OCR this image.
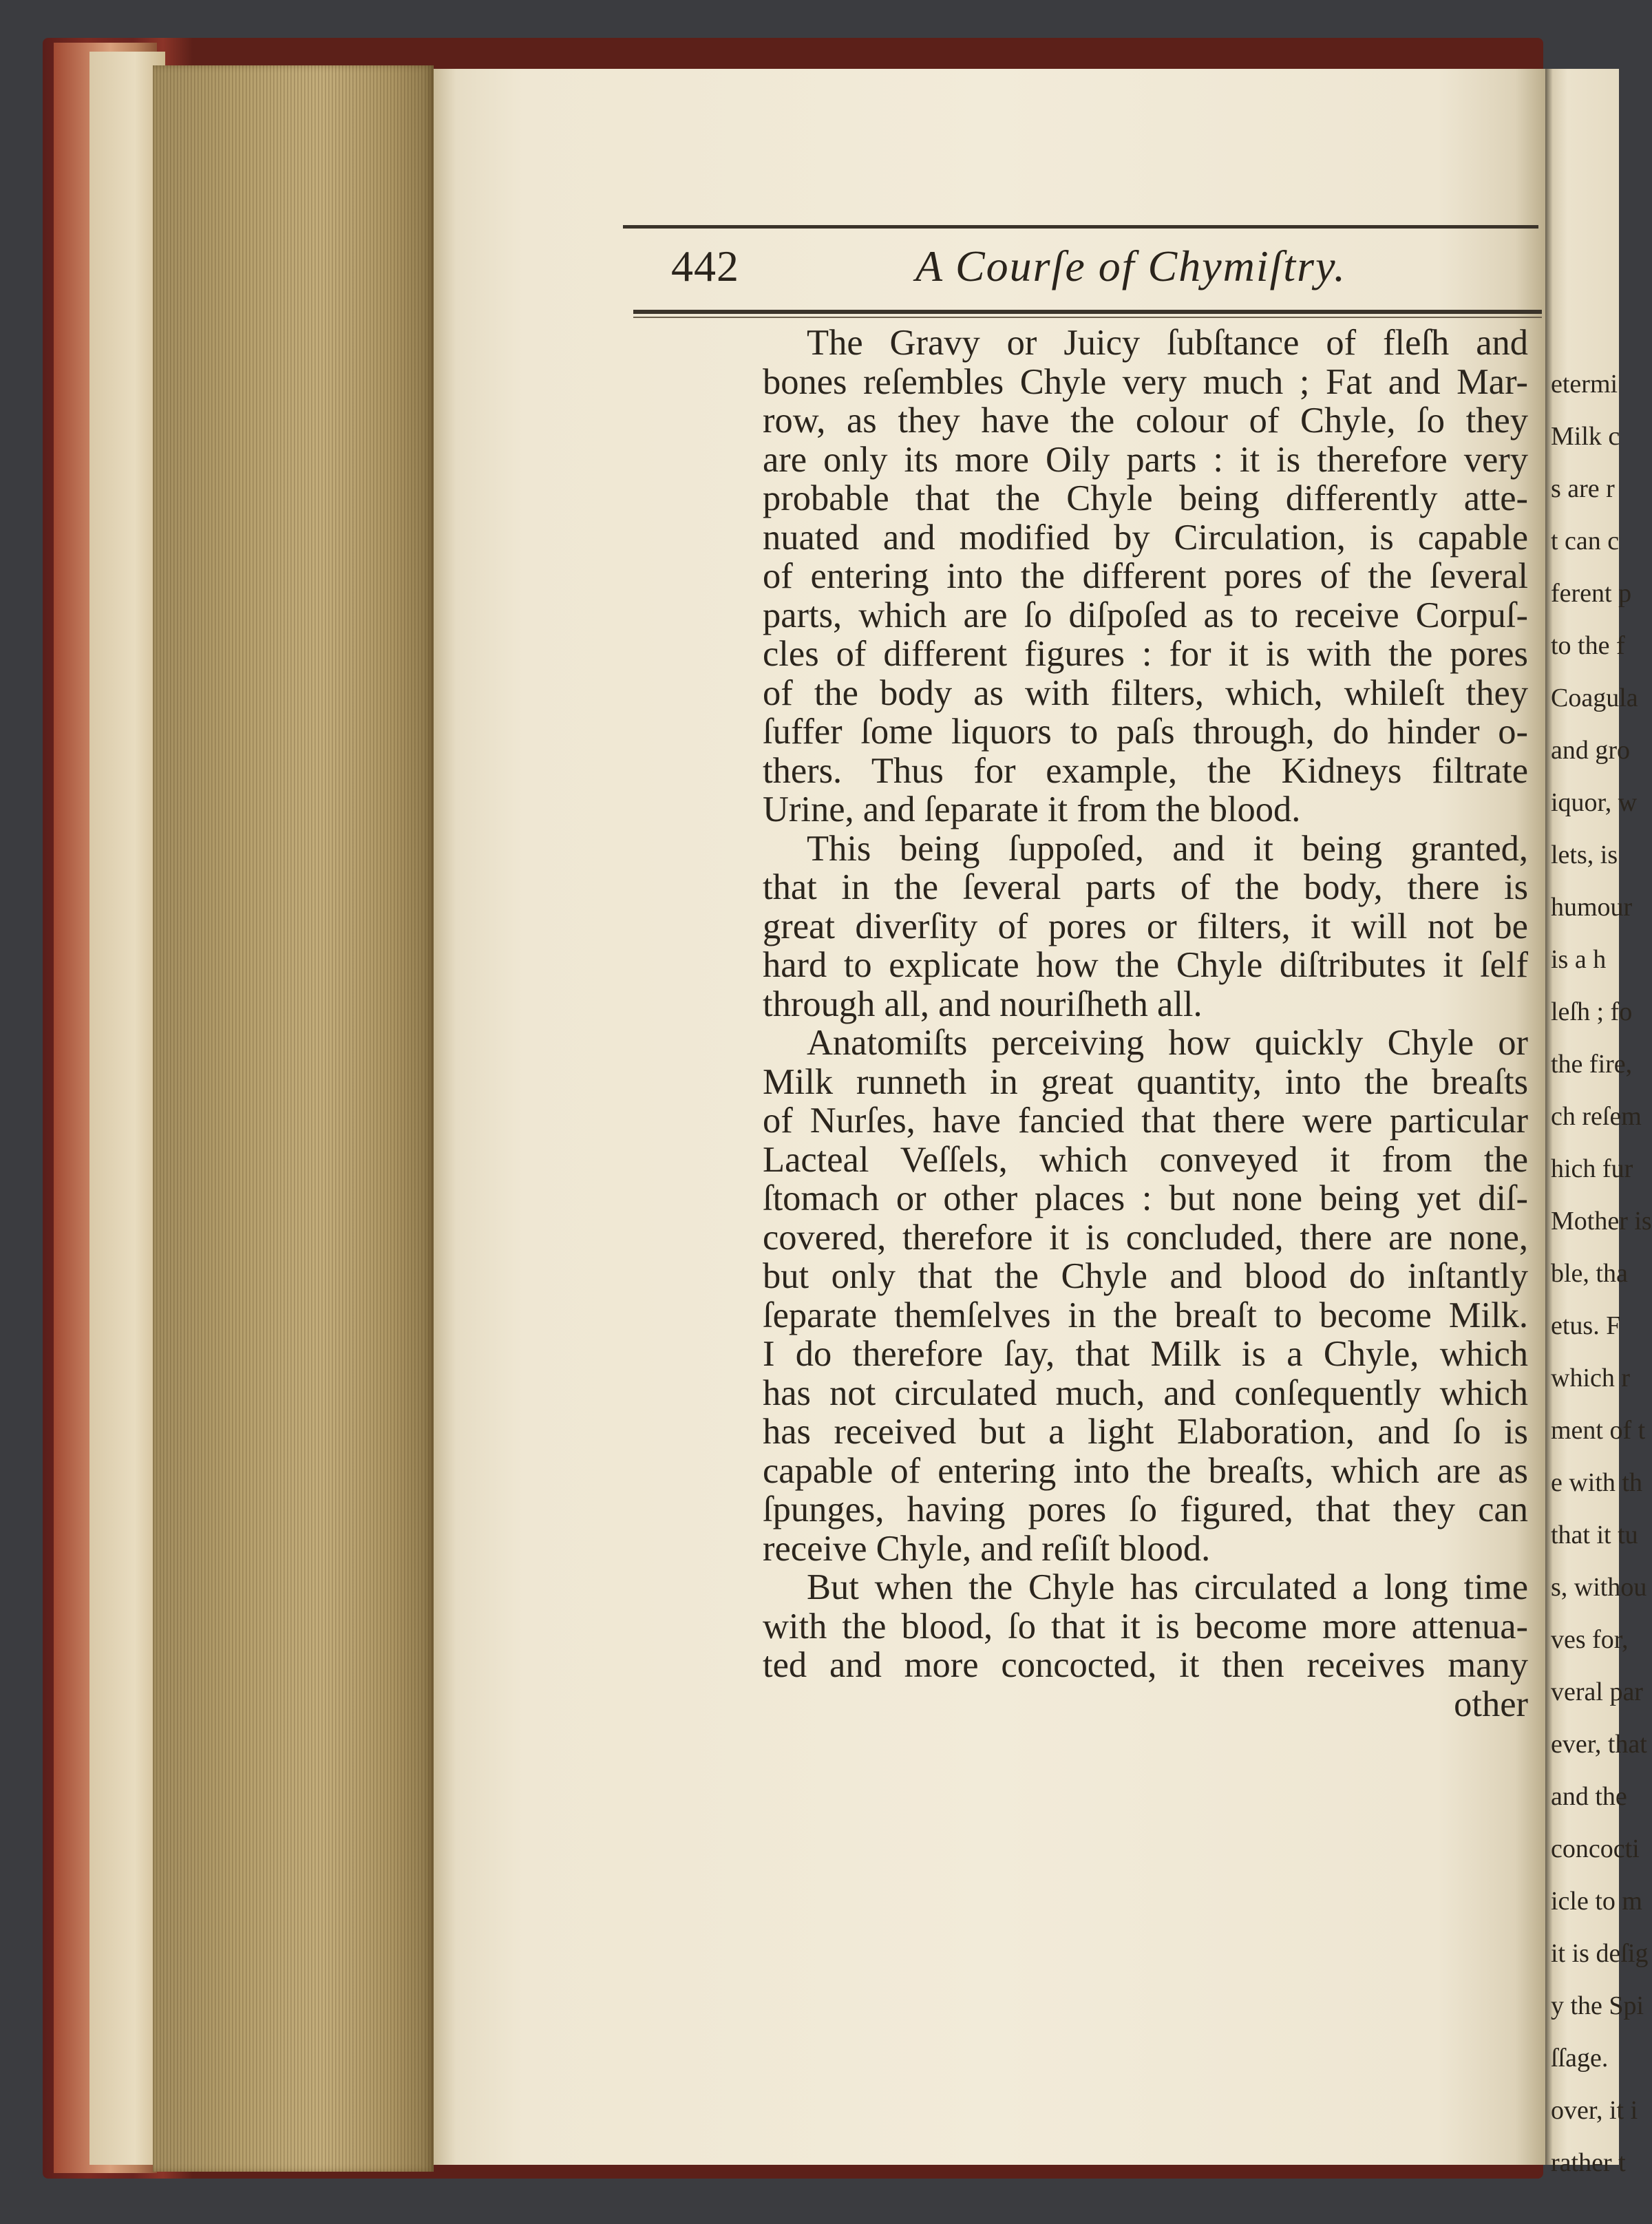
etermi
Milk c
s are r
t can c
ferent p
to the f
Coagula
and gro
iquor, w
lets, is
humour
is a h
leſh ; fo
the fire,
ch reſem
hich fur
Mother is
ble, tha
etus. F
which r
ment of t
e with th
that it tu
s, withou
ves for,
veral par
ever, that
and the
concocti
icle to m
it is deſig
y the Spi
ſſage.
over, it i
rather t
442	A Courſe of Chymiſtry.
The Gravy or Juicy ſubſtance of fleſh and
bones reſembles Chyle very much ; Fat and Mar-
row, as they have the colour of Chyle, ſo they
are only its more Oily parts : it is therefore very
probable that the Chyle being differently atte-
nuated and modified by Circulation, is capable
of entering into the different pores of the ſeveral
parts, which are ſo diſpoſed as to receive Corpuſ-
cles of different figures : for it is with the pores
of the body as with filters, which, whileſt they
ſuffer ſome liquors to paſs through, do hinder o-
thers. Thus for example, the Kidneys filtrate
Urine, and ſeparate it from the blood.
This being ſuppoſed, and it being granted,
that in the ſeveral parts of the body, there is
great diverſity of pores or filters, it will not be
hard to explicate how the Chyle diſtributes it ſelf
through all, and nouriſheth all.
Anatomiſts perceiving how quickly Chyle or
Milk runneth in great quantity, into the breaſts
of Nurſes, have fancied that there were particular
Lacteal Veſſels, which conveyed it from the
ſtomach or other places : but none being yet diſ-
covered, therefore it is concluded, there are none,
but only that the Chyle and blood do inſtantly
ſeparate themſelves in the breaſt to become Milk.
I do therefore ſay, that Milk is a Chyle, which
has not circulated much, and conſequently which
has received but a light Elaboration, and ſo is
capable of entering into the breaſts, which are as
ſpunges, having pores ſo figured, that they can
receive Chyle, and reſiſt blood.
But when the Chyle has circulated a long time
with the blood, ſo that it is become more attenua-
ted and more concocted, it then receives many
other
